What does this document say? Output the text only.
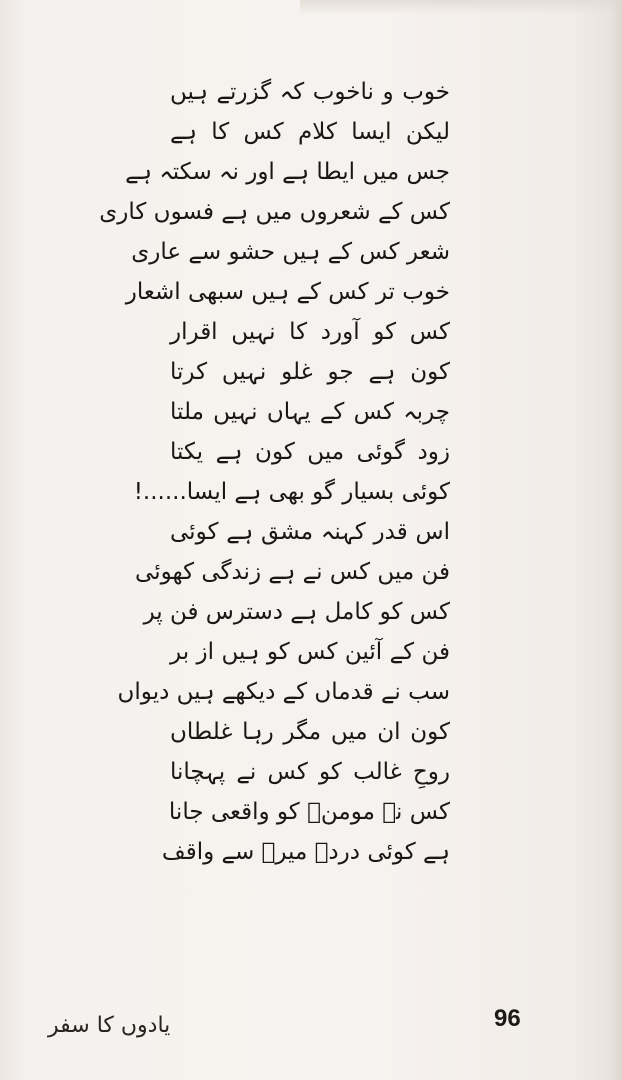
خوب و ناخوب کہ گزرتے ہیں
لیکن ایسا کلام کس کا ہے
جس میں ایطا ہے اور نہ سکتہ ہے
کس کے شعروں میں ہے فسوں کاری
شعر کس کے ہیں حشو سے عاری
خوب تر کس کے ہیں سبھی اشعار
کس کو آورد کا نہیں اقرار
کون ہے جو غلو نہیں کرتا
چربہ کس کے یہاں نہیں ملتا
زود گوئی میں کون ہے یکتا
کوئی بسیار گو بھی ہے ایسا......!
اس قدر کہنہ مشق ہے کوئی
فن میں کس نے ہے زندگی کھوئی
کس کو کامل ہے دسترس فن پر
فن کے آئین کس کو ہیں از بر
سب نے قدماں کے دیکھے ہیں دیواں
کون ان میں مگر رہا غلطاں
روحِ غالب کو کس نے پہچانا
کس نے مومنؔ کو واقعی جانا
ہے کوئی دردؔ میرؔ سے واقف
یادوں کا سفر	96
